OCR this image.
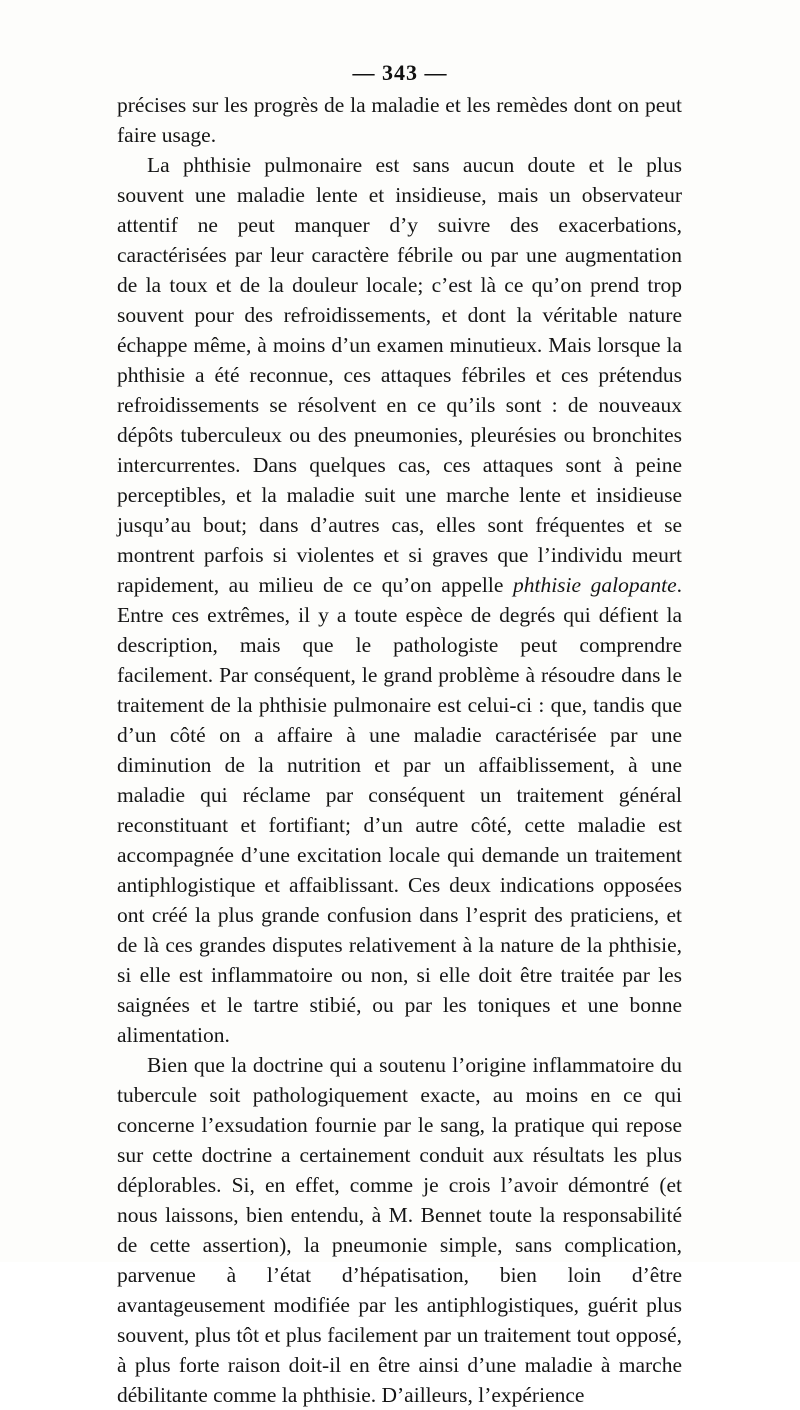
— 343 —

précises sur les progrès de la maladie et les remèdes dont on peut faire usage.

La phthisie pulmonaire est sans aucun doute et le plus souvent une maladie lente et insidieuse, mais un observateur attentif ne peut manquer d’y suivre des exacerbations, caractérisées par leur caractère fébrile ou par une augmentation de la toux et de la douleur locale; c’est là ce qu’on prend trop souvent pour des refroidissements, et dont la véritable nature échappe même, à moins d’un examen minutieux. Mais lorsque la phthisie a été reconnue, ces attaques fébriles et ces prétendus refroidissements se résolvent en ce qu’ils sont : de nouveaux dépôts tuberculeux ou des pneumonies, pleurésies ou bronchites intercurrentes. Dans quelques cas, ces attaques sont à peine perceptibles, et la maladie suit une marche lente et insidieuse jusqu’au bout; dans d’autres cas, elles sont fréquentes et se montrent parfois si violentes et si graves que l’individu meurt rapidement, au milieu de ce qu’on appelle phthisie galopante. Entre ces extrêmes, il y a toute espèce de degrés qui défient la description, mais que le pathologiste peut comprendre facilement. Par conséquent, le grand problème à résoudre dans le traitement de la phthisie pulmonaire est celui-ci : que, tandis que d’un côté on a affaire à une maladie caractérisée par une diminution de la nutrition et par un affaiblissement, à une maladie qui réclame par conséquent un traitement général reconstituant et fortifiant; d’un autre côté, cette maladie est accompagnée d’une excitation locale qui demande un traitement antiphlogistique et affaiblissant. Ces deux indications opposées ont créé la plus grande confusion dans l’esprit des praticiens, et de là ces grandes disputes relativement à la nature de la phthisie, si elle est inflammatoire ou non, si elle doit être traitée par les saignées et le tartre stibié, ou par les toniques et une bonne alimentation.

Bien que la doctrine qui a soutenu l’origine inflammatoire du tubercule soit pathologiquement exacte, au moins en ce qui concerne l’exsudation fournie par le sang, la pratique qui repose sur cette doctrine a certainement conduit aux résultats les plus déplorables. Si, en effet, comme je crois l’avoir démontré (et nous laissons, bien entendu, à M. Bennet toute la responsabilité de cette assertion), la pneumonie simple, sans complication, parvenue à l’état d’hépatisation, bien loin d’être avantageusement modifiée par les antiphlogistiques, guérit plus souvent, plus tôt et plus facilement par un traitement tout opposé, à plus forte raison doit-il en être ainsi d’une maladie à marche débilitante comme la phthisie. D’ailleurs, l’expérience
